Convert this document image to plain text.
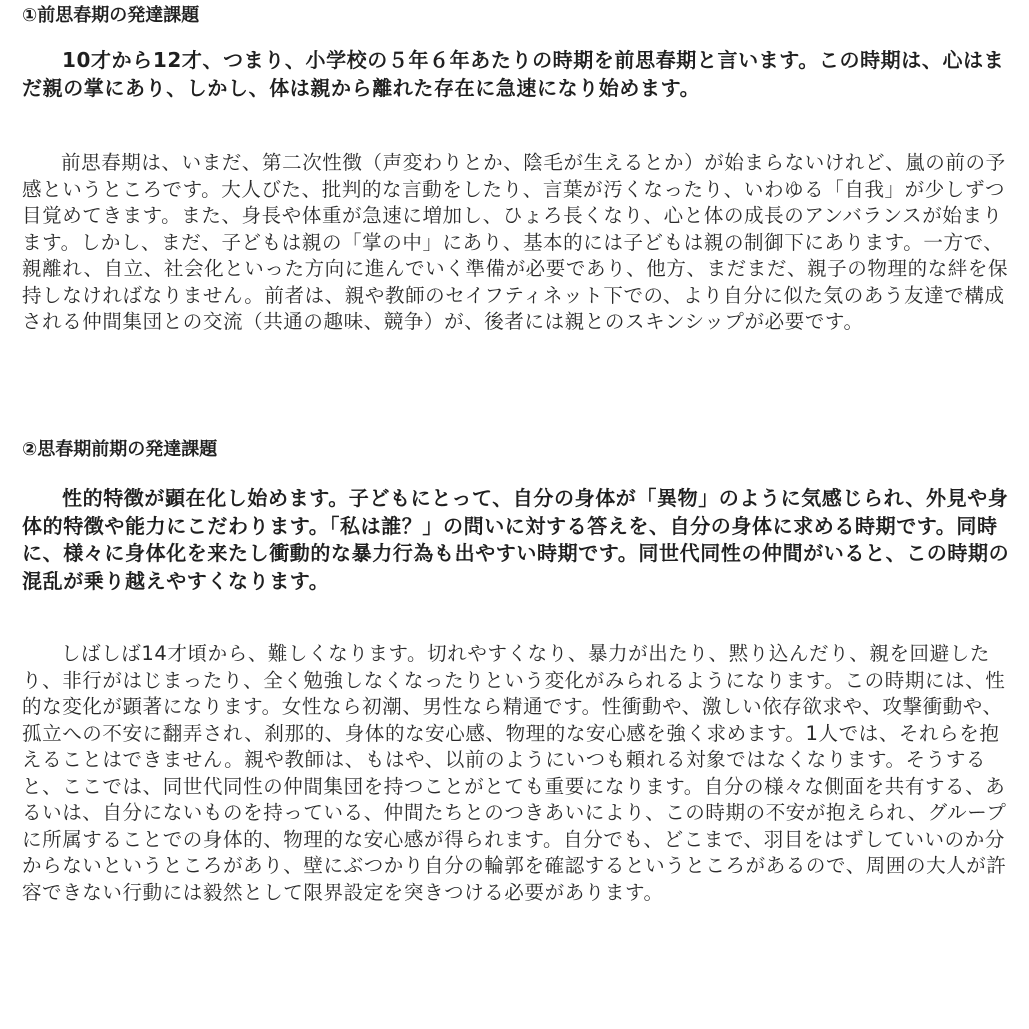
①前思春期の発達課題

10才から12才、つまり、小学校の５年６年あたりの時期を前思春期と言います。この時期は、心はまだ親の掌にあり、しかし、体は親から離れた存在に急速になり始めます。

前思春期は、いまだ、第二次性徴（声変わりとか、陰毛が生えるとか）が始まらないけれど、嵐の前の予感というところです。大人びた、批判的な言動をしたり、言葉が汚くなったり、いわゆる「自我」が少しずつ目覚めてきます。また、身長や体重が急速に増加し、ひょろ長くなり、心と体の成長のアンバランスが始まります。しかし、まだ、子どもは親の「掌の中」にあり、基本的には子どもは親の制御下にあります。一方で、親離れ、自立、社会化といった方向に進んでいく準備が必要であり、他方、まだまだ、親子の物理的な絆を保持しなければなりません。前者は、親や教師のセイフティネット下での、より自分に似た気のあう友達で構成される仲間集団との交流（共通の趣味、競争）が、後者には親とのスキンシップが必要です。

②思春期前期の発達課題

性的特徴が顕在化し始めます。子どもにとって、自分の身体が「異物」のように気感じられ、外見や身体的特徴や能力にこだわります。「私は誰？」の問いに対する答えを、自分の身体に求める時期です。同時に、様々に身体化を来たし衝動的な暴力行為も出やすい時期です。同世代同性の仲間がいると、この時期の混乱が乗り越えやすくなります。

しばしば14才頃から、難しくなります。切れやすくなり、暴力が出たり、黙り込んだり、親を回避したり、非行がはじまったり、全く勉強しなくなったりという変化がみられるようになります。この時期には、性的な変化が顕著になります。女性なら初潮、男性なら精通です。性衝動や、激しい依存欲求や、攻撃衝動や、孤立への不安に翻弄され、刹那的、身体的な安心感、物理的な安心感を強く求めます。1人では、それらを抱えることはできません。親や教師は、もはや、以前のようにいつも頼れる対象ではなくなります。そうすると、ここでは、同世代同性の仲間集団を持つことがとても重要になります。自分の様々な側面を共有する、あるいは、自分にないものを持っている、仲間たちとのつきあいにより、この時期の不安が抱えられ、グループに所属することでの身体的、物理的な安心感が得られます。自分でも、どこまで、羽目をはずしていいのか分からないというところがあり、壁にぶつかり自分の輪郭を確認するというところがあるので、周囲の大人が許容できない行動には毅然として限界設定を突きつける必要があります。
